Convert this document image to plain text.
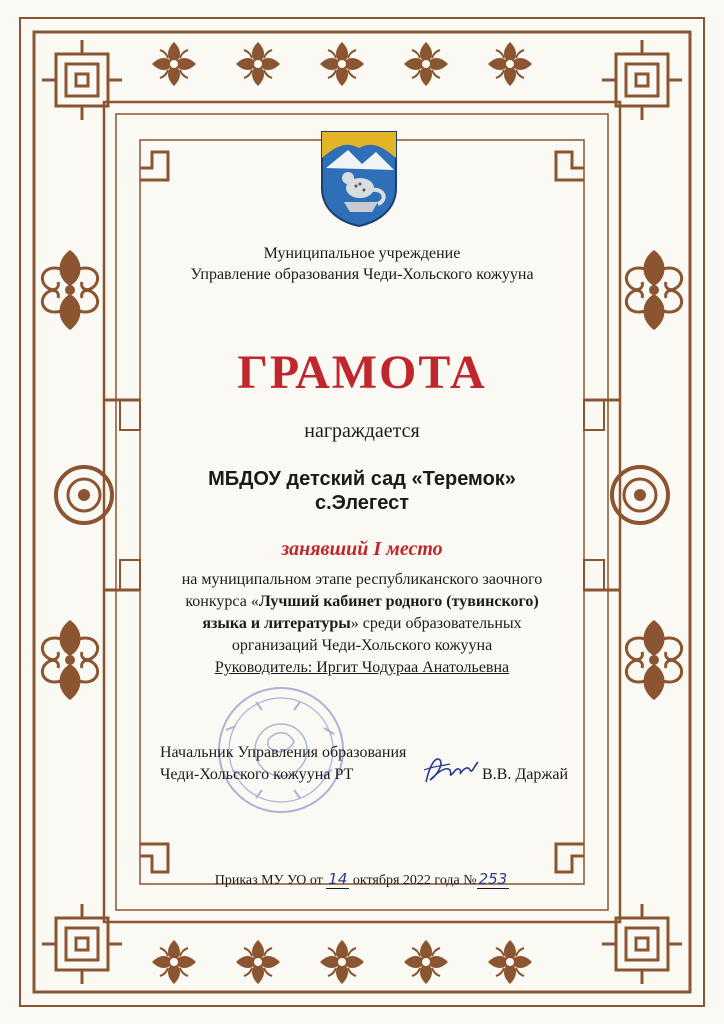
Муниципальное учреждение
Управление образования Чеди-Хольского кожууна
ГРАМОТА
награждается
МБДОУ детский сад «Теремок»
с.Элегест
занявший I место
на муниципальном этапе республиканского заочного
конкурса «Лучший кабинет родного (тувинского)
языка и литературы» среди образовательных
организаций Чеди-Хольского кожууна
Руководитель: Иргит Чодураа Анатольевна
Начальник Управления образования
Чеди-Хольского кожууна РТ	В.В. Даржай
Приказ МУ УО от 14 октября 2022 года № 253
